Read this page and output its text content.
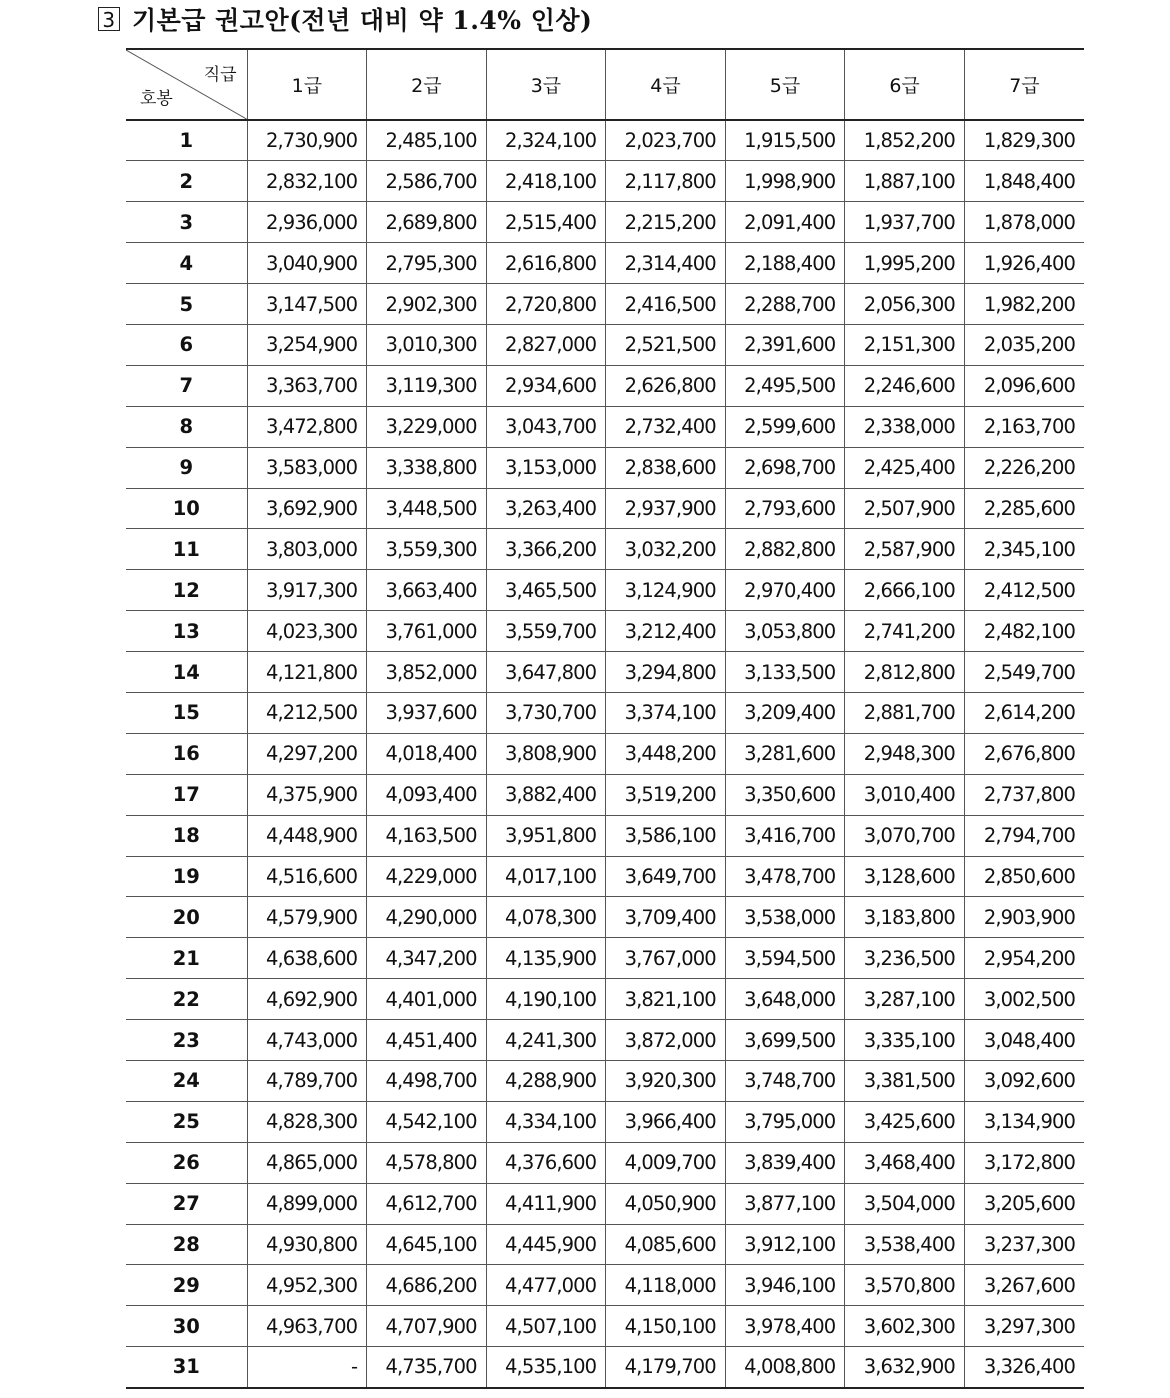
3 기본급 권고안(전년 대비 약 1.4% 인상)
직급
호봉	1급	2급	3급	4급	5급	6급	7급
1	2,730,900	2,485,100	2,324,100	2,023,700	1,915,500	1,852,200	1,829,300
2	2,832,100	2,586,700	2,418,100	2,117,800	1,998,900	1,887,100	1,848,400
3	2,936,000	2,689,800	2,515,400	2,215,200	2,091,400	1,937,700	1,878,000
4	3,040,900	2,795,300	2,616,800	2,314,400	2,188,400	1,995,200	1,926,400
5	3,147,500	2,902,300	2,720,800	2,416,500	2,288,700	2,056,300	1,982,200
6	3,254,900	3,010,300	2,827,000	2,521,500	2,391,600	2,151,300	2,035,200
7	3,363,700	3,119,300	2,934,600	2,626,800	2,495,500	2,246,600	2,096,600
8	3,472,800	3,229,000	3,043,700	2,732,400	2,599,600	2,338,000	2,163,700
9	3,583,000	3,338,800	3,153,000	2,838,600	2,698,700	2,425,400	2,226,200
10	3,692,900	3,448,500	3,263,400	2,937,900	2,793,600	2,507,900	2,285,600
11	3,803,000	3,559,300	3,366,200	3,032,200	2,882,800	2,587,900	2,345,100
12	3,917,300	3,663,400	3,465,500	3,124,900	2,970,400	2,666,100	2,412,500
13	4,023,300	3,761,000	3,559,700	3,212,400	3,053,800	2,741,200	2,482,100
14	4,121,800	3,852,000	3,647,800	3,294,800	3,133,500	2,812,800	2,549,700
15	4,212,500	3,937,600	3,730,700	3,374,100	3,209,400	2,881,700	2,614,200
16	4,297,200	4,018,400	3,808,900	3,448,200	3,281,600	2,948,300	2,676,800
17	4,375,900	4,093,400	3,882,400	3,519,200	3,350,600	3,010,400	2,737,800
18	4,448,900	4,163,500	3,951,800	3,586,100	3,416,700	3,070,700	2,794,700
19	4,516,600	4,229,000	4,017,100	3,649,700	3,478,700	3,128,600	2,850,600
20	4,579,900	4,290,000	4,078,300	3,709,400	3,538,000	3,183,800	2,903,900
21	4,638,600	4,347,200	4,135,900	3,767,000	3,594,500	3,236,500	2,954,200
22	4,692,900	4,401,000	4,190,100	3,821,100	3,648,000	3,287,100	3,002,500
23	4,743,000	4,451,400	4,241,300	3,872,000	3,699,500	3,335,100	3,048,400
24	4,789,700	4,498,700	4,288,900	3,920,300	3,748,700	3,381,500	3,092,600
25	4,828,300	4,542,100	4,334,100	3,966,400	3,795,000	3,425,600	3,134,900
26	4,865,000	4,578,800	4,376,600	4,009,700	3,839,400	3,468,400	3,172,800
27	4,899,000	4,612,700	4,411,900	4,050,900	3,877,100	3,504,000	3,205,600
28	4,930,800	4,645,100	4,445,900	4,085,600	3,912,100	3,538,400	3,237,300
29	4,952,300	4,686,200	4,477,000	4,118,000	3,946,100	3,570,800	3,267,600
30	4,963,700	4,707,900	4,507,100	4,150,100	3,978,400	3,602,300	3,297,300
31	-	4,735,700	4,535,100	4,179,700	4,008,800	3,632,900	3,326,400
